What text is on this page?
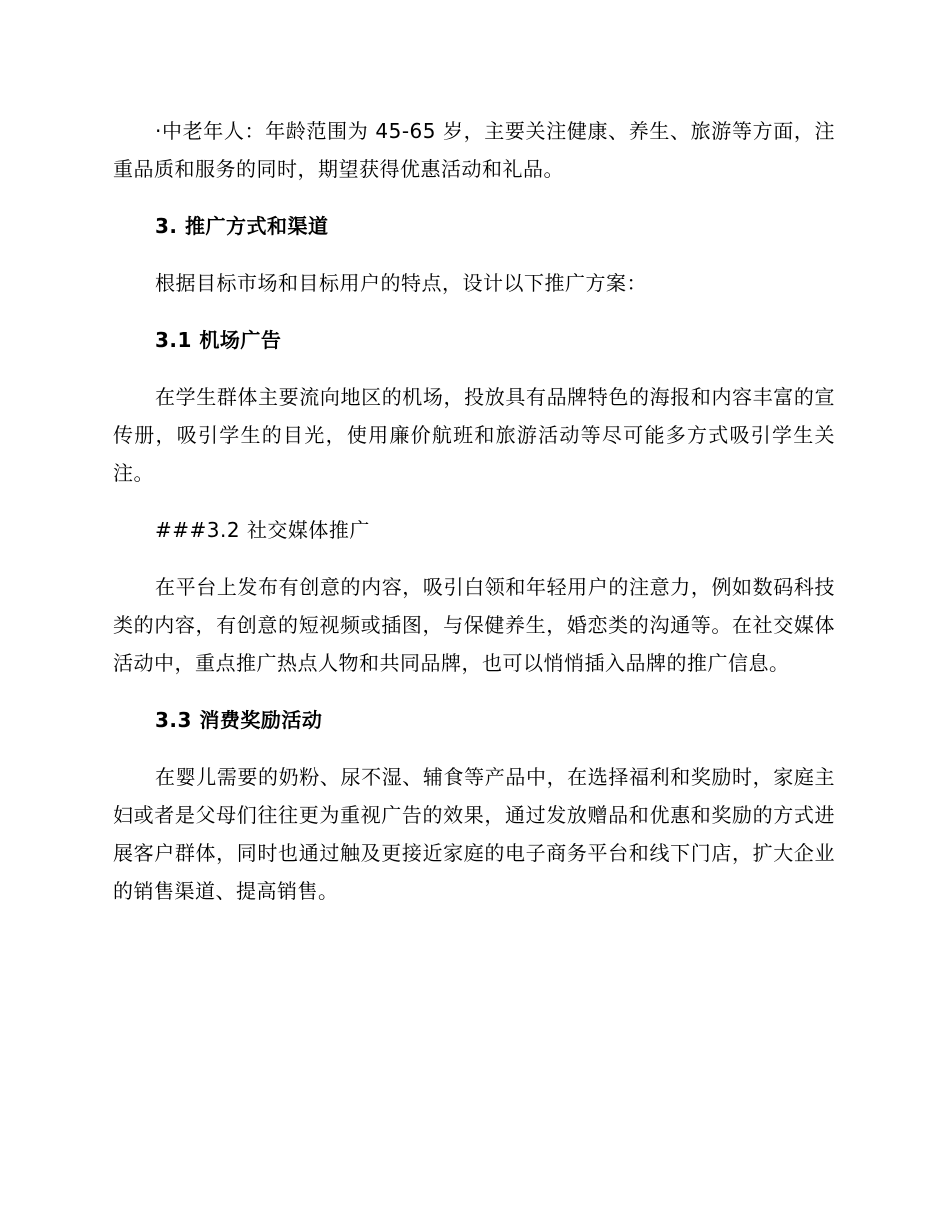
·中老年人：年龄范围为 45-65 岁，主要关注健康、养生、旅游等方面，注重品质和服务的同时，期望获得优惠活动和礼品。

3. 推广方式和渠道

根据目标市场和目标用户的特点，设计以下推广方案：

3.1 机场广告

在学生群体主要流向地区的机场，投放具有品牌特色的海报和内容丰富的宣传册，吸引学生的目光，使用廉价航班和旅游活动等尽可能多方式吸引学生关注。

###3.2 社交媒体推广

在平台上发布有创意的内容，吸引白领和年轻用户的注意力，例如数码科技类的内容，有创意的短视频或插图，与保健养生，婚恋类的沟通等。在社交媒体活动中，重点推广热点人物和共同品牌，也可以悄悄插入品牌的推广信息。

3.3 消费奖励活动

在婴儿需要的奶粉、尿不湿、辅食等产品中，在选择福利和奖励时，家庭主妇或者是父母们往往更为重视广告的效果，通过发放赠品和优惠和奖励的方式进展客户群体，同时也通过触及更接近家庭的电子商务平台和线下门店，扩大企业的销售渠道、提高销售。
